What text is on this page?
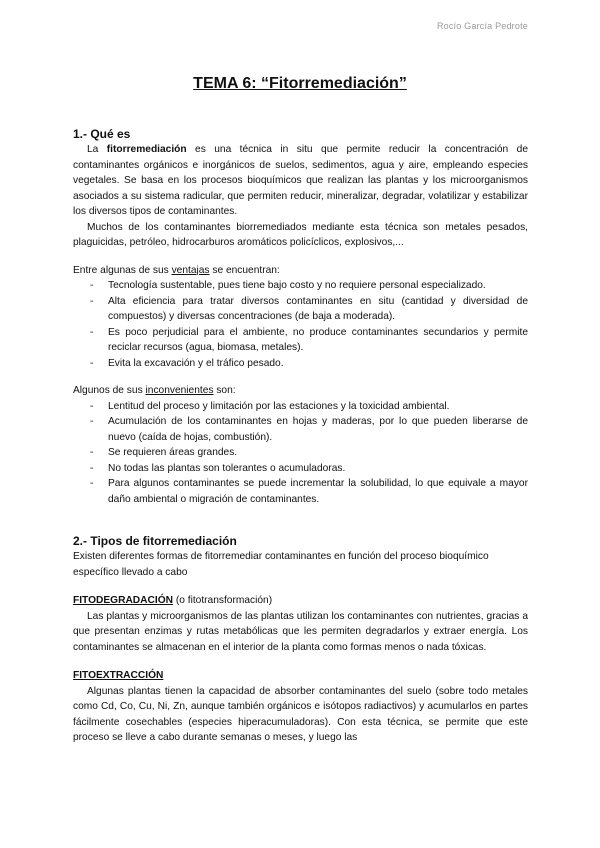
Rocío García Pedrote
TEMA 6: “Fitorremediación”
1.- Qué es

La fitorremediación es una técnica in situ que permite reducir la concentración de contaminantes orgánicos e inorgánicos de suelos, sedimentos, agua y aire, empleando especies vegetales. Se basa en los procesos bioquímicos que realizan las plantas y los microorganismos asociados a su sistema radicular, que permiten reducir, mineralizar, degradar, volatilizar y estabilizar los diversos tipos de contaminantes.

Muchos de los contaminantes biorremediados mediante esta técnica son metales pesados, plaguicidas, petróleo, hidrocarburos aromáticos policíclicos, explosivos,...

Entre algunas de sus ventajas se encuentran:

- Tecnología sustentable, pues tiene bajo costo y no requiere personal especializado.
- Alta eficiencia para tratar diversos contaminantes en situ (cantidad y diversidad de compuestos) y diversas concentraciones (de baja a moderada).
- Es poco perjudicial para el ambiente, no produce contaminantes secundarios y permite reciclar recursos (agua, biomasa, metales).
- Evita la excavación y el tráfico pesado.

Algunos de sus inconvenientes son:

- Lentitud del proceso y limitación por las estaciones y la toxicidad ambiental.
- Acumulación de los contaminantes en hojas y maderas, por lo que pueden liberarse de nuevo (caída de hojas, combustión).
- Se requieren áreas grandes.
- No todas las plantas son tolerantes o acumuladoras.
- Para algunos contaminantes se puede incrementar la solubilidad, lo que equivale a mayor daño ambiental o migración de contaminantes.
2.- Tipos de fitorremediación

Existen diferentes formas de fitorremediar contaminantes en función del proceso bioquímico específico llevado a cabo

FITODEGRADACIÓN (o fitotransformación)

Las plantas y microorganismos de las plantas utilizan los contaminantes con nutrientes, gracias a que presentan enzimas y rutas metabólicas que les permiten degradarlos y extraer energía. Los contaminantes se almacenan en el interior de la planta como formas menos o nada tóxicas.

FITOEXTRACCIÓN

Algunas plantas tienen la capacidad de absorber contaminantes del suelo (sobre todo metales como Cd, Co, Cu, Ni, Zn, aunque también orgánicos e isótopos radiactivos) y acumularlos en partes fácilmente cosechables (especies hiperacumuladoras). Con esta técnica, se permite que este proceso se lleve a cabo durante semanas o meses, y luego las
